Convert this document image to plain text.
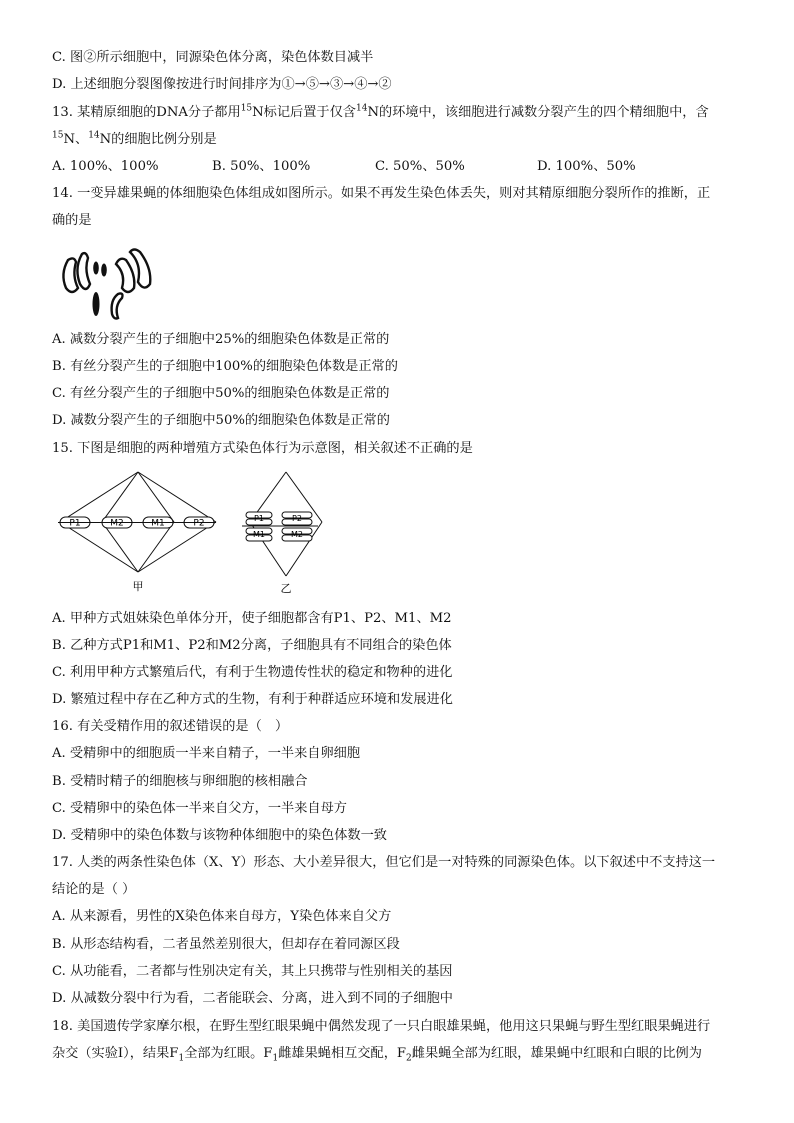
C. 图②所示细胞中，同源染色体分离，染色体数目减半
D. 上述细胞分裂图像按进行时间排序为①→⑤→③→④→②
13. 某精原细胞的DNA分子都用$^{15}$N标记后置于仅含$^{14}$N的环境中，该细胞进行减数分裂产生的四个精细胞中，含
$^{15}$N、$^{14}$N的细胞比例分别是
A. 100%、100%	B. 50%、100%	C. 50%、50%	D. 100%、50%
14. 一变异雄果蝇的体细胞染色体组成如图所示。如果不再发生染色体丢失，则对其精原细胞分裂所作的推断，正
确的是
A. 减数分裂产生的子细胞中25%的细胞染色体数是正常的
B. 有丝分裂产生的子细胞中100%的细胞染色体数是正常的
C. 有丝分裂产生的子细胞中50%的细胞染色体数是正常的
D. 减数分裂产生的子细胞中50%的细胞染色体数是正常的
15. 下图是细胞的两种增殖方式染色体行为示意图，相关叙述不正确的是
P1	M2	M1	P2
甲
P1	P2
M1	M2
乙
A. 甲种方式姐妹染色单体分开，使子细胞都含有P1、P2、M1、M2
B. 乙种方式P1和M1、P2和M2分离，子细胞具有不同组合的染色体
C. 利用甲种方式繁殖后代，有利于生物遗传性状的稳定和物种的进化
D. 繁殖过程中存在乙种方式的生物，有利于种群适应环境和发展进化
16. 有关受精作用的叙述错误的是（　）
A. 受精卵中的细胞质一半来自精子，一半来自卵细胞
B. 受精时精子的细胞核与卵细胞的核相融合
C. 受精卵中的染色体一半来自父方，一半来自母方
D. 受精卵中的染色体数与该物种体细胞中的染色体数一致
17. 人类的两条性染色体（X、Y）形态、大小差异很大，但它们是一对特殊的同源染色体。以下叙述中不支持这一
结论的是（ ）
A. 从来源看，男性的X染色体来自母方，Y染色体来自父方
B. 从形态结构看，二者虽然差别很大，但却存在着同源区段
C. 从功能看，二者都与性别决定有关，其上只携带与性别相关的基因
D. 从减数分裂中行为看，二者能联会、分离，进入到不同的子细胞中
18. 美国遗传学家摩尔根，在野生型红眼果蝇中偶然发现了一只白眼雄果蝇，他用这只果蝇与野生型红眼果蝇进行
杂交（实验I），结果$F_1$全部为红眼。$F_1$雌雄果蝇相互交配，$F_2$雌果蝇全部为红眼，雄果蝇中红眼和白眼的比例为
